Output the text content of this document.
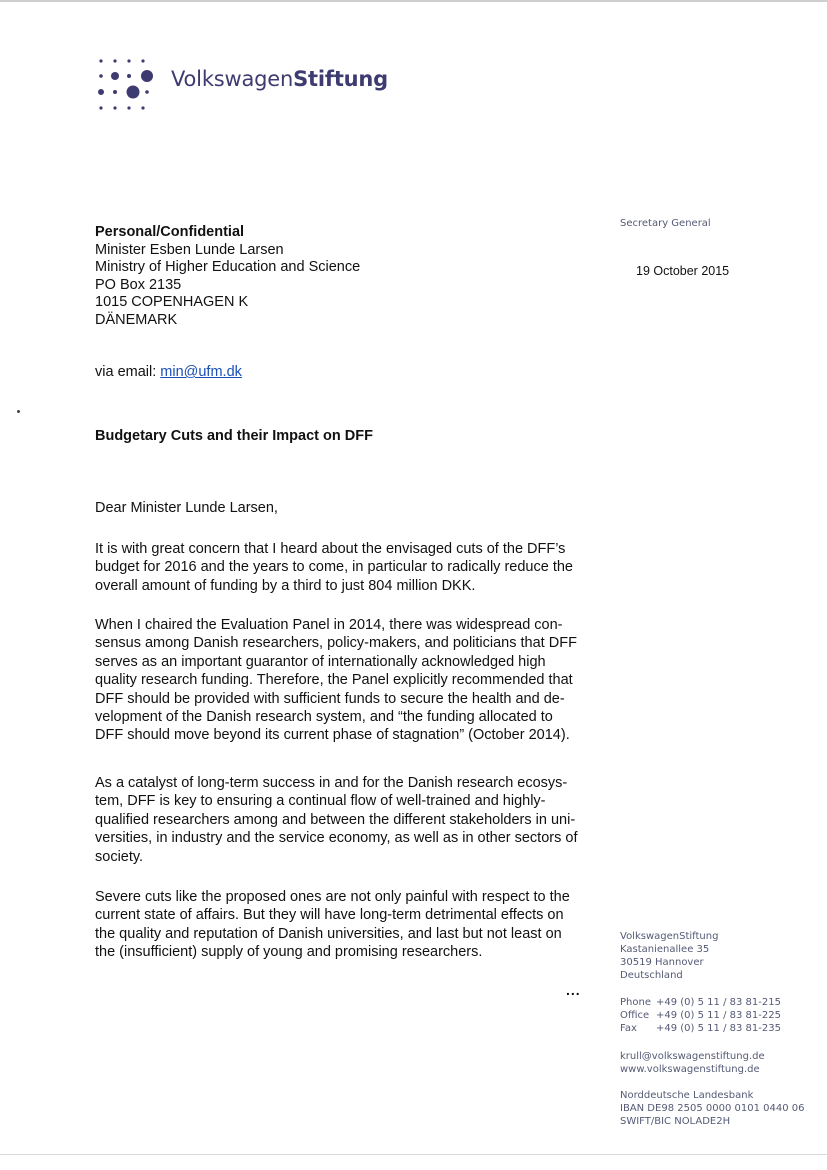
VolkswagenStiftung
Secretary General
19 October 2015
Personal/Confidential
Minister Esben Lunde Larsen
Ministry of Higher Education and Science
PO Box 2135
1015 COPENHAGEN K
DÄNEMARK
via email: min@ufm.dk
Budgetary Cuts and their Impact on DFF
Dear Minister Lunde Larsen,
It is with great concern that I heard about the envisaged cuts of the DFF’s
budget for 2016 and the years to come, in particular to radically reduce the
overall amount of funding by a third to just 804 million DKK.
When I chaired the Evaluation Panel in 2014, there was widespread con-
sensus among Danish researchers, policy-makers, and politicians that DFF
serves as an important guarantor of internationally acknowledged high
quality research funding. Therefore, the Panel explicitly recommended that
DFF should be provided with sufficient funds to secure the health and de-
velopment of the Danish research system, and “the funding allocated to
DFF should move beyond its current phase of stagnation” (October 2014).
As a catalyst of long-term success in and for the Danish research ecosys-
tem, DFF is key to ensuring a continual flow of well-trained and highly-
qualified researchers among and between the different stakeholders in uni-
versities, in industry and the service economy, as well as in other sectors of
society.
Severe cuts like the proposed ones are not only painful with respect to the
current state of affairs. But they will have long-term detrimental effects on
the quality and reputation of Danish universities, and last but not least on
the (insufficient) supply of young and promising researchers.
...
VolkswagenStiftung
Kastanienallee 35
30519 Hannover
Deutschland
Phone +49 (0) 5 11 / 83 81-215
Office +49 (0) 5 11 / 83 81-225
Fax +49 (0) 5 11 / 83 81-235
krull@volkswagenstiftung.de
www.volkswagenstiftung.de
Norddeutsche Landesbank
IBAN DE98 2505 0000 0101 0440 06
SWIFT/BIC NOLADE2H
